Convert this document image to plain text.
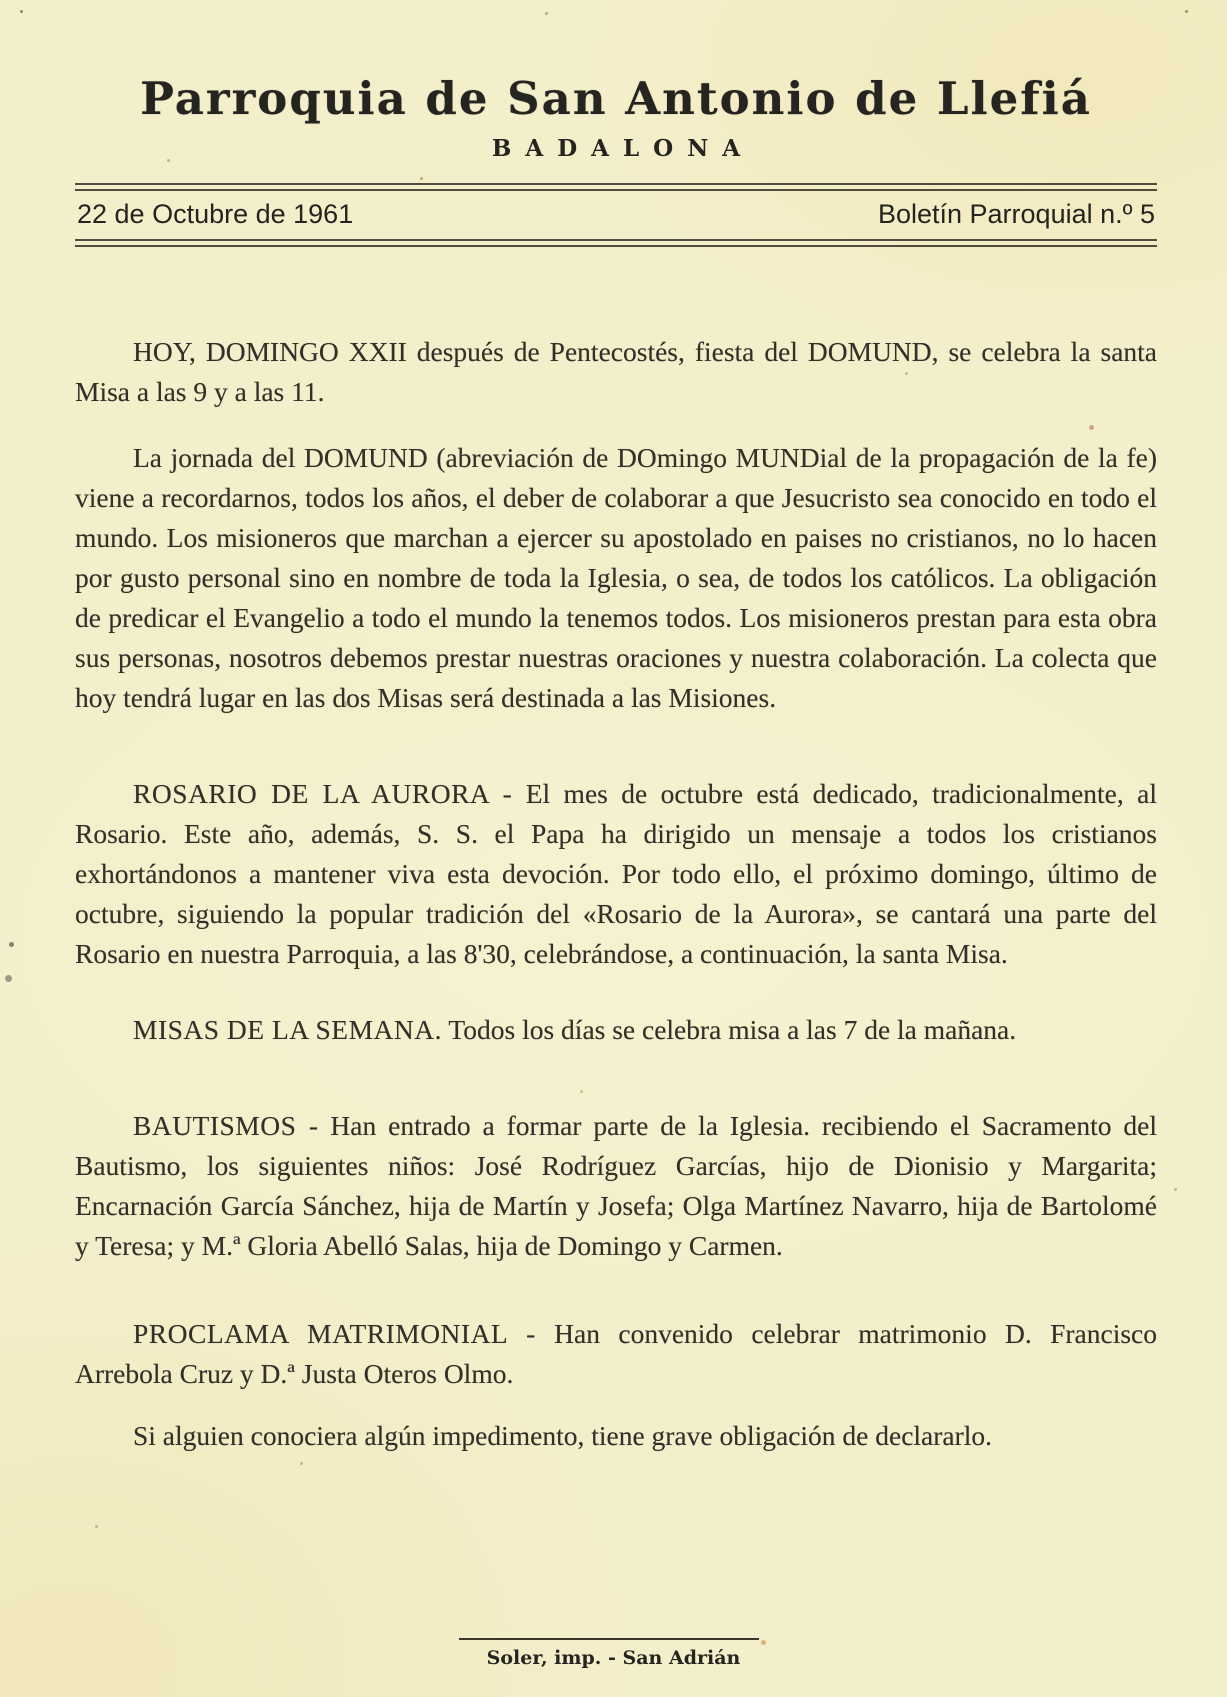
Parroquia de San Antonio de Llefiá
BADALONA
22 de Octubre de 1961	Boletín Parroquial n.º 5

HOY, DOMINGO XXII después de Pentecostés, fiesta del DOMUND, se celebra la santa Misa a las 9 y a las 11.

La jornada del DOMUND (abreviación de DOmingo MUNDial de la propagación de la fe) viene a recordarnos, todos los años, el deber de colaborar a que Jesucristo sea conocido en todo el mundo. Los misioneros que marchan a ejercer su apostolado en paises no cristianos, no lo hacen por gusto personal sino en nombre de toda la Iglesia, o sea, de todos los católicos. La obligación de predicar el Evangelio a todo el mundo la tenemos todos. Los misioneros prestan para esta obra sus personas, nosotros debemos prestar nuestras oraciones y nuestra colaboración. La colecta que hoy tendrá lugar en las dos Misas será destinada a las Misiones.

ROSARIO DE LA AURORA - El mes de octubre está dedicado, tradicionalmente, al Rosario. Este año, además, S. S. el Papa ha dirigido un mensaje a todos los cristianos exhortándonos a mantener viva esta devoción. Por todo ello, el próximo domingo, último de octubre, siguiendo la popular tradición del «Rosario de la Aurora», se cantará una parte del Rosario en nuestra Parroquia, a las 8'30, celebrándose, a continuación, la santa Misa.

MISAS DE LA SEMANA. Todos los días se celebra misa a las 7 de la mañana.

BAUTISMOS - Han entrado a formar parte de la Iglesia. recibiendo el Sacramento del Bautismo, los siguientes niños: José Rodríguez Garcías, hijo de Dionisio y Margarita; Encarnación García Sánchez, hija de Martín y Josefa; Olga Martínez Navarro, hija de Bartolomé y Teresa; y M.ª Gloria Abelló Salas, hija de Domingo y Carmen.

PROCLAMA MATRIMONIAL - Han convenido celebrar matrimonio D. Francisco Arrebola Cruz y D.ª Justa Oteros Olmo.

Si alguien conociera algún impedimento, tiene grave obligación de declararlo.

Soler, imp. - San Adrián
